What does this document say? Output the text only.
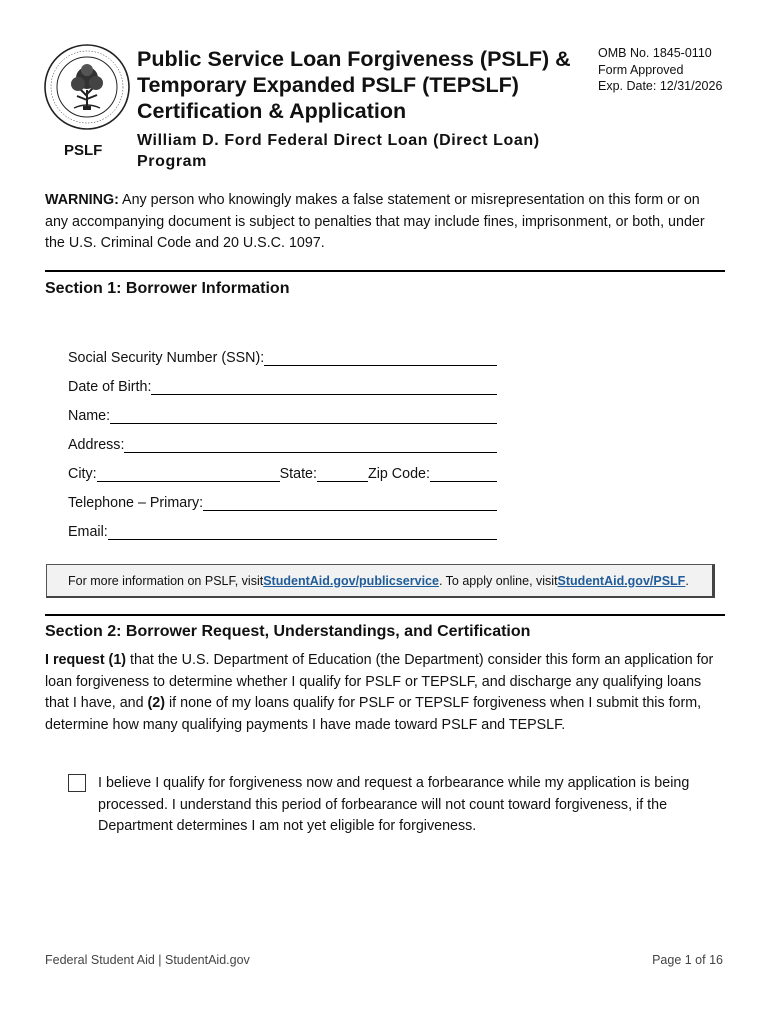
PSLF
Public Service Loan Forgiveness (PSLF) & Temporary Expanded PSLF (TEPSLF) Certification & Application
William D. Ford Federal Direct Loan (Direct Loan) Program
OMB No. 1845-0110
Form Approved
Exp. Date: 12/31/2026

WARNING: Any person who knowingly makes a false statement or misrepresentation on this form or on any accompanying document is subject to penalties that may include fines, imprisonment, or both, under the U.S. Criminal Code and 20 U.S.C. 1097.

Section 1: Borrower Information
Social Security Number (SSN):
Date of Birth:
Name:
Address:
City:	State:	Zip Code:
Telephone – Primary:
Email:
For more information on PSLF, visit StudentAid.gov/publicservice . To apply online, visit StudentAid.gov/PSLF .
Section 2: Borrower Request, Understandings, and Certification

I request (1) that the U.S. Department of Education (the Department) consider this form an application for loan forgiveness to determine whether I qualify for PSLF or TEPSLF, and discharge any qualifying loans that I have, and (2) if none of my loans qualify for PSLF or TEPSLF forgiveness when I submit this form, determine how many qualifying payments I have made toward PSLF and TEPSLF.

I believe I qualify for forgiveness now and request a forbearance while my application is being processed. I understand this period of forbearance will not count toward forgiveness, if the Department determines I am not yet eligible for forgiveness.

Federal Student Aid | StudentAid.gov	Page 1 of 16
